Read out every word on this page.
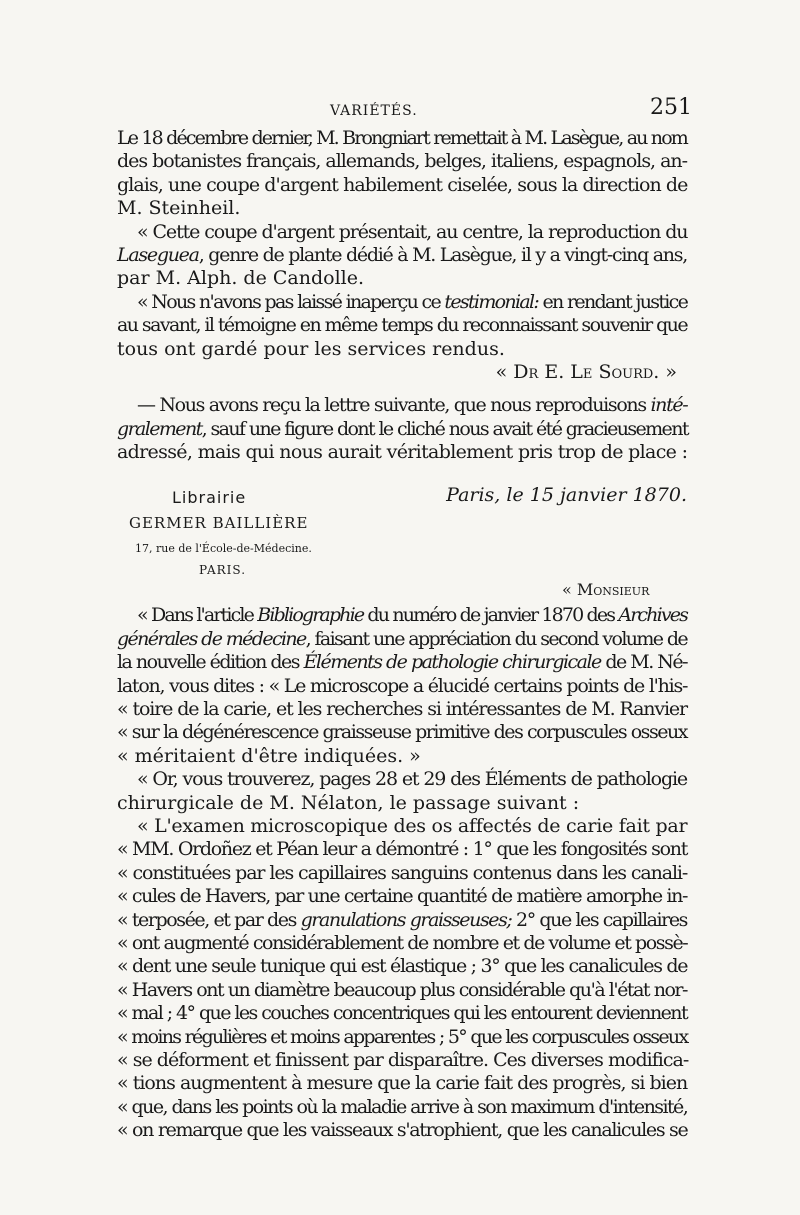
VARIÉTÉS.	251
Le 18 décembre dernier, M. Brongniart remettait à M. Lasègue, au nom
des botanistes français, allemands, belges, italiens, espagnols, an-
glais, une coupe d'argent habilement ciselée, sous la direction de
M. Steinheil.
« Cette coupe d'argent présentait, au centre, la reproduction du
Laseguea, genre de plante dédié à M. Lasègue, il y a vingt-cinq ans,
par M. Alph. de Candolle.
« Nous n'avons pas laissé inaperçu ce testimonial: en rendant justice
au savant, il témoigne en même temps du reconnaissant souvenir que
tous ont gardé pour les services rendus.
« Dr E. Le Sourd. »
— Nous avons reçu la lettre suivante, que nous reproduisons inté-
gralement, sauf une figure dont le cliché nous avait été gracieusement
adressé, mais qui nous aurait véritablement pris trop de place :
Librairie	Paris, le 15 janvier 1870.
GERMER BAILLIÈRE
17, rue de l'École-de-Médecine.
PARIS.
« Monsieur
« Dans l'article Bibliographie du numéro de janvier 1870 des Archives
générales de médecine, faisant une appréciation du second volume de
la nouvelle édition des Éléments de pathologie chirurgicale de M. Né-
laton, vous dites : « Le microscope a élucidé certains points de l'his-
« toire de la carie, et les recherches si intéressantes de M. Ranvier
« sur la dégénérescence graisseuse primitive des corpuscules osseux
« méritaient d'être indiquées. »
« Or, vous trouverez, pages 28 et 29 des Éléments de pathologie
chirurgicale de M. Nélaton, le passage suivant :
« L'examen microscopique des os affectés de carie fait par
« MM. Ordoñez et Péan leur a démontré : 1° que les fongosités sont
« constituées par les capillaires sanguins contenus dans les canali-
« cules de Havers, par une certaine quantité de matière amorphe in-
« terposée, et par des granulations graisseuses; 2° que les capillaires
« ont augmenté considérablement de nombre et de volume et possè-
« dent une seule tunique qui est élastique ; 3° que les canalicules de
« Havers ont un diamètre beaucoup plus considérable qu'à l'état nor-
« mal ; 4° que les couches concentriques qui les entourent deviennent
« moins régulières et moins apparentes ; 5° que les corpuscules osseux
« se déforment et finissent par disparaître. Ces diverses modifica-
« tions augmentent à mesure que la carie fait des progrès, si bien
« que, dans les points où la maladie arrive à son maximum d'intensité,
« on remarque que les vaisseaux s'atrophient, que les canalicules se
